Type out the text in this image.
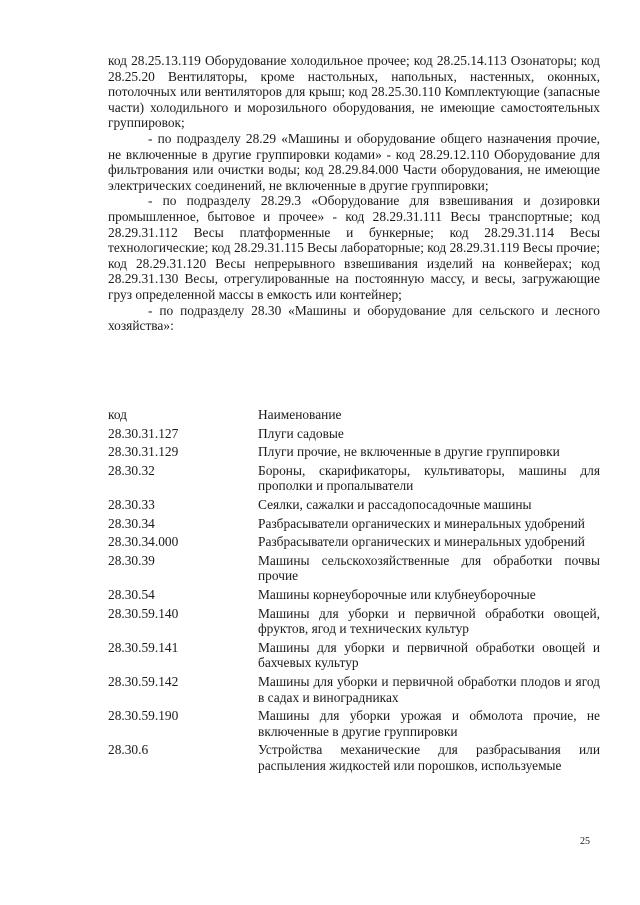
код 28.25.13.119 Оборудование холодильное прочее; код 28.25.14.113 Озонаторы; код 28.25.20 Вентиляторы, кроме настольных, напольных, настенных, оконных, потолочных или вентиляторов для крыш; код 28.25.30.110 Комплектующие (запасные части) холодильного и морозильного оборудования, не имеющие самостоятельных группировок;

- по подразделу 28.29 «Машины и оборудование общего назначения прочие, не включенные в другие группировки кодами» - код 28.29.12.110 Оборудование для фильтрования или очистки воды; код 28.29.84.000 Части оборудования, не имеющие электрических соединений, не включенные в другие группировки;

- по подразделу 28.29.3 «Оборудование для взвешивания и дозировки промышленное, бытовое и прочее» - код 28.29.31.111 Весы транспортные; код 28.29.31.112 Весы платформенные и бункерные; код 28.29.31.114 Весы технологические; код 28.29.31.115 Весы лабораторные; код 28.29.31.119 Весы прочие; код 28.29.31.120 Весы непрерывного взвешивания изделий на конвейерах; код 28.29.31.130 Весы, отрегулированные на постоянную массу, и весы, загружающие груз определенной массы в емкость или контейнер;

- по подразделу 28.30 «Машины и оборудование для сельского и лесного хозяйства»:

код	Наименование
28.30.31.127	Плуги садовые
28.30.31.129	Плуги прочие, не включенные в другие группировки
28.30.32	Бороны, скарификаторы, культиваторы, машины для прополки и пропалыватели
28.30.33	Сеялки, сажалки и рассадопосадочные машины
28.30.34	Разбрасыватели органических и минеральных удобрений
28.30.34.000	Разбрасыватели органических и минеральных удобрений
28.30.39	Машины сельскохозяйственные для обработки почвы прочие
28.30.54	Машины корнеуборочные или клубнеуборочные
28.30.59.140	Машины для уборки и первичной обработки овощей, фруктов, ягод и технических культур
28.30.59.141	Машины для уборки и первичной обработки овощей и бахчевых культур
28.30.59.142	Машины для уборки и первичной обработки плодов и ягод в садах и виноградниках
28.30.59.190	Машины для уборки урожая и обмолота прочие, не включенные в другие группировки
28.30.6	Устройства механические для разбрасывания или распыления жидкостей или порошков, используемые
25
